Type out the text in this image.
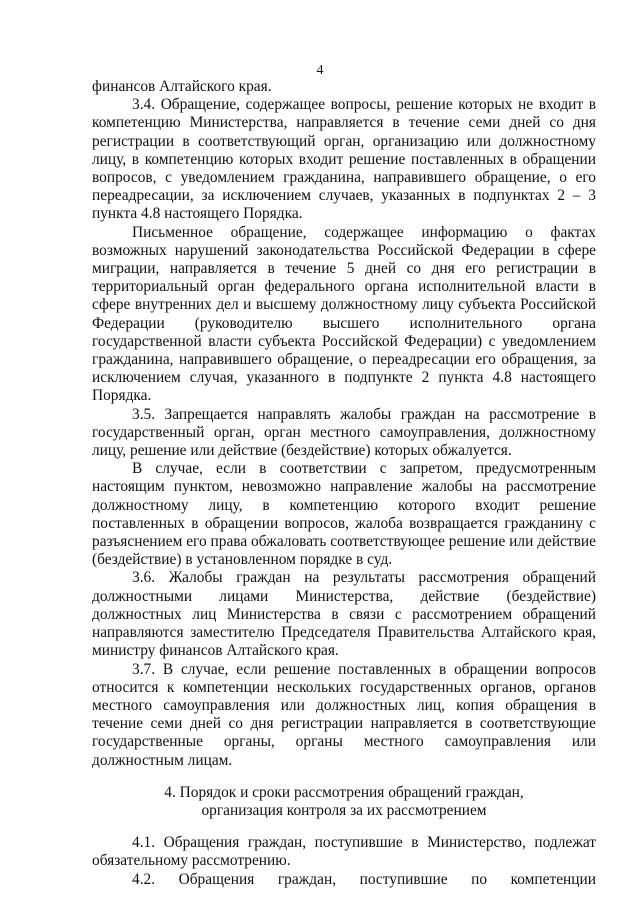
4

финансов Алтайского края.

3.4. Обращение, содержащее вопросы, решение которых не входит в компетенцию Министерства, направляется в течение семи дней со дня регистрации в соответствующий орган, организацию или должностному лицу, в компетенцию которых входит решение поставленных в обращении вопросов, с уведомлением гражданина, направившего обращение, о его переадресации, за исключением случаев, указанных в подпунктах 2 – 3 пункта 4.8 настоящего Порядка.

Письменное обращение, содержащее информацию о фактах возможных нарушений законодательства Российской Федерации в сфере миграции, направляется в течение 5 дней со дня его регистрации в территориальный орган федерального органа исполнительной власти в сфере внутренних дел и высшему должностному лицу субъекта Российской Федерации (руководителю высшего исполнительного органа государственной власти субъекта Российской Федерации) с уведомлением гражданина, направившего обращение, о переадресации его обращения, за исключением случая, указанного в подпункте 2 пункта 4.8 настоящего Порядка.

3.5. Запрещается направлять жалобы граждан на рассмотрение в государственный орган, орган местного самоуправления, должностному лицу, решение или действие (бездействие) которых обжалуется.

В случае, если в соответствии с запретом, предусмотренным настоящим пунктом, невозможно направление жалобы на рассмотрение должностному лицу, в компетенцию которого входит решение поставленных в обращении вопросов, жалоба возвращается гражданину с разъяснением его права обжаловать соответствующее решение или действие (бездействие) в установленном порядке в суд.

3.6. Жалобы граждан на результаты рассмотрения обращений должностными лицами Министерства, действие (бездействие) должностных лиц Министерства в связи с рассмотрением обращений направляются заместителю Председателя Правительства Алтайского края, министру финансов Алтайского края.

3.7. В случае, если решение поставленных в обращении вопросов относится к компетенции нескольких государственных органов, органов местного самоуправления или должностных лиц, копия обращения в течение семи дней со дня регистрации направляется в соответствующие государственные органы, органы местного самоуправления или должностным лицам.

4. Порядок и сроки рассмотрения обращений граждан,
организация контроля за их рассмотрением

4.1. Обращения граждан, поступившие в Министерство, подлежат обязательному рассмотрению.

4.2. Обращения граждан, поступившие по компетенции
